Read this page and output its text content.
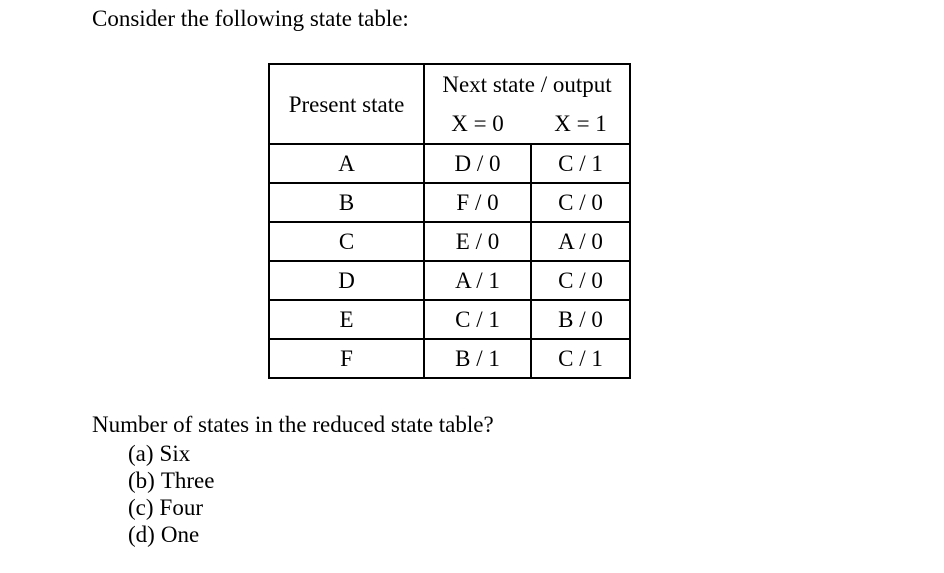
Consider the following state table:

Present state
Next state / output
X = 0	X = 1
A	D / 0	C / 1
B	F / 0	C / 0
C	E / 0	A / 0
D	A / 1	C / 0
E	C / 1	B / 0
F	B / 1	C / 1

Number of states in the reduced state table?

(a) Six
(b) Three
(c) Four
(d) One
